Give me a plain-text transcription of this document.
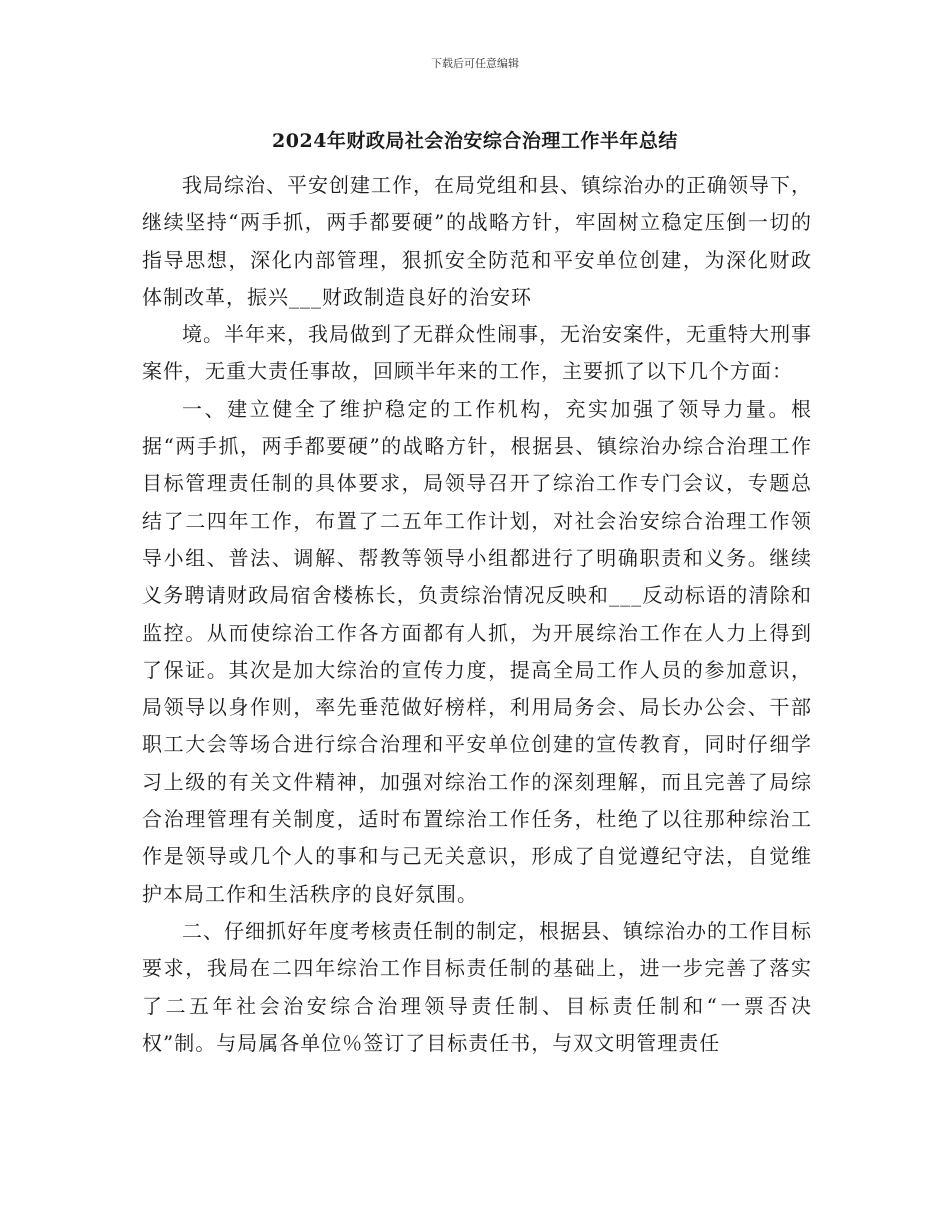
下载后可任意编辑
2024年财政局社会治安综合治理工作半年总结

我局综治、平安创建工作，在局党组和县、镇综治办的正确领导下，继续坚持“两手抓，两手都要硬”的战略方针，牢固树立稳定压倒一切的指导思想，深化内部管理，狠抓安全防范和平安单位创建，为深化财政体制改革，振兴___财政制造良好的治安环

境。半年来，我局做到了无群众性闹事，无治安案件，无重特大刑事案件，无重大责任事故，回顾半年来的工作，主要抓了以下几个方面：

一、建立健全了维护稳定的工作机构，充实加强了领导力量。根据“两手抓，两手都要硬”的战略方针，根据县、镇综治办综合治理工作目标管理责任制的具体要求，局领导召开了综治工作专门会议，专题总结了二四年工作，布置了二五年工作计划，对社会治安综合治理工作领导小组、普法、调解、帮教等领导小组都进行了明确职责和义务。继续义务聘请财政局宿舍楼栋长，负责综治情况反映和___反动标语的清除和监控。从而使综治工作各方面都有人抓，为开展综治工作在人力上得到了保证。其次是加大综治的宣传力度，提高全局工作人员的参加意识，局领导以身作则，率先垂范做好榜样，利用局务会、局长办公会、干部职工大会等场合进行综合治理和平安单位创建的宣传教育，同时仔细学习上级的有关文件精神，加强对综治工作的深刻理解，而且完善了局综合治理管理有关制度，适时布置综治工作任务，杜绝了以往那种综治工作是领导或几个人的事和与己无关意识，形成了自觉遵纪守法，自觉维护本局工作和生活秩序的良好氛围。

二、仔细抓好年度考核责任制的制定，根据县、镇综治办的工作目标要求，我局在二四年综治工作目标责任制的基础上，进一步完善了落实了二五年社会治安综合治理领导责任制、目标责任制和“一票否决权”制。与局属各单位％签订了目标责任书，与双文明管理责任
